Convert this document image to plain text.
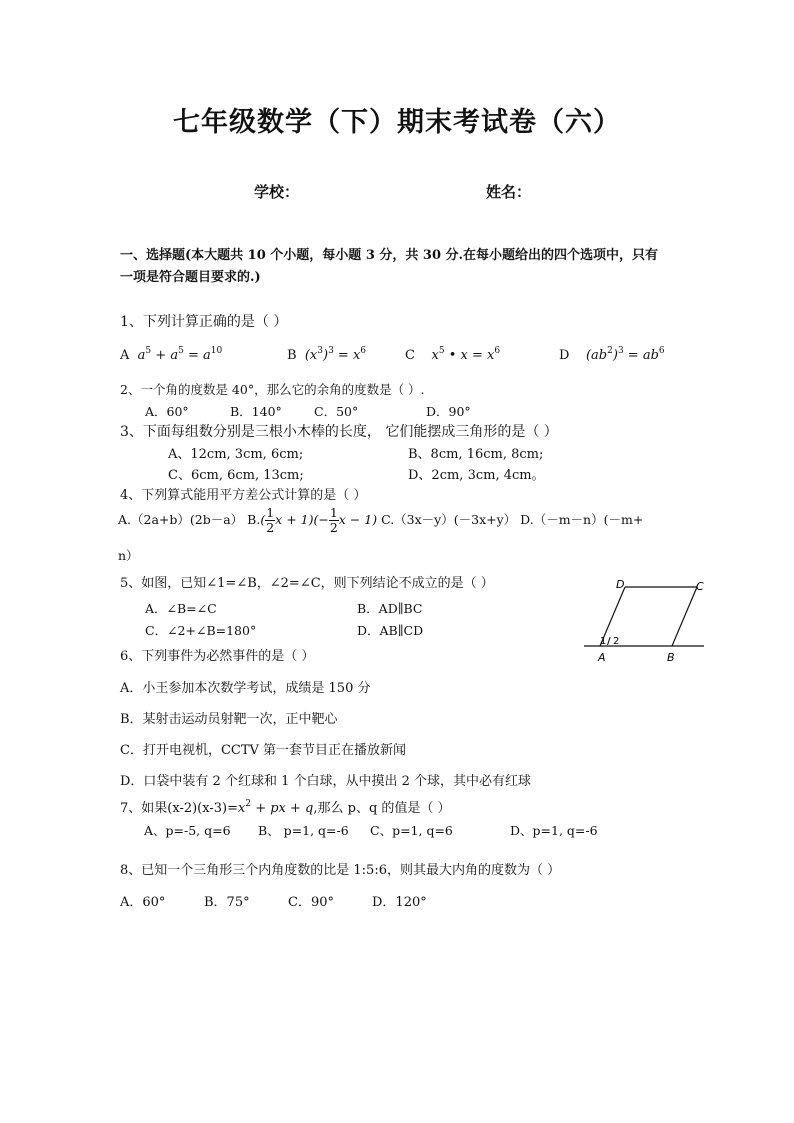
七年级数学（下）期末考试卷（六）
学校：	姓名：
一、选择题(本大题共 10 个小题，每小题 3 分，共 30 分.在每小题给出的四个选项中，只有
一项是符合题目要求的.)
1、下列计算正确的是（ ）
A  $a^5 + a^5 = a^{10}$	B  $(x^3)^3 = x^6$	C    $x^5$ • $x = x^6$	D    $(ab^2)^3 = ab^6$
2、一个角的度数是 40°，那么它的余角的度数是（ ）.
A．60°	B．140°	C．50°	D．90°
3、下面每组数分别是三根小木棒的长度， 它们能摆成三角形的是（ ）
A、12cm, 3cm, 6cm;	B、8cm, 16cm, 8cm;
C、6cm, 6cm, 13cm;	D、2cm, 3cm, 4cm。
4、下列算式能用平方差公式计算的是（ ）
A.（2a+b）(2b－a） $B.( \frac{1}{2}$ $x + 1)(- \frac{1}{2}$ x − 1) C.（3x－y）(－3x+y） D.（－m－n）(－m+
n）
5、如图，已知∠1=∠B，∠2=∠C，则下列结论不成立的是（ ）
A．∠B=∠C	B．AD∥BC
C．∠2+∠B=180°	D．AB∥CD
D	C
A	B
1 / 2
6、下列事件为必然事件的是（ ）
A．小王参加本次数学考试，成绩是 150 分
B．某射击运动员射靶一次，正中靶心
C．打开电视机，CCTV 第一套节目正在播放新闻
D．口袋中装有 2 个红球和 1 个白球，从中摸出 2 个球，其中必有红球
7、如果$(x-2)(x-3)=x^2$ + px + q,那么 p、q 的值是（ ）
A、p=-5, q=6 B、 p=1, q=-6 C、p=1, q=6	D、p=1, q=-6
8、已知一个三角形三个内角度数的比是 1:5:6，则其最大内角的度数为（ ）
A．60°	B．75°	C．90°	D．120°
